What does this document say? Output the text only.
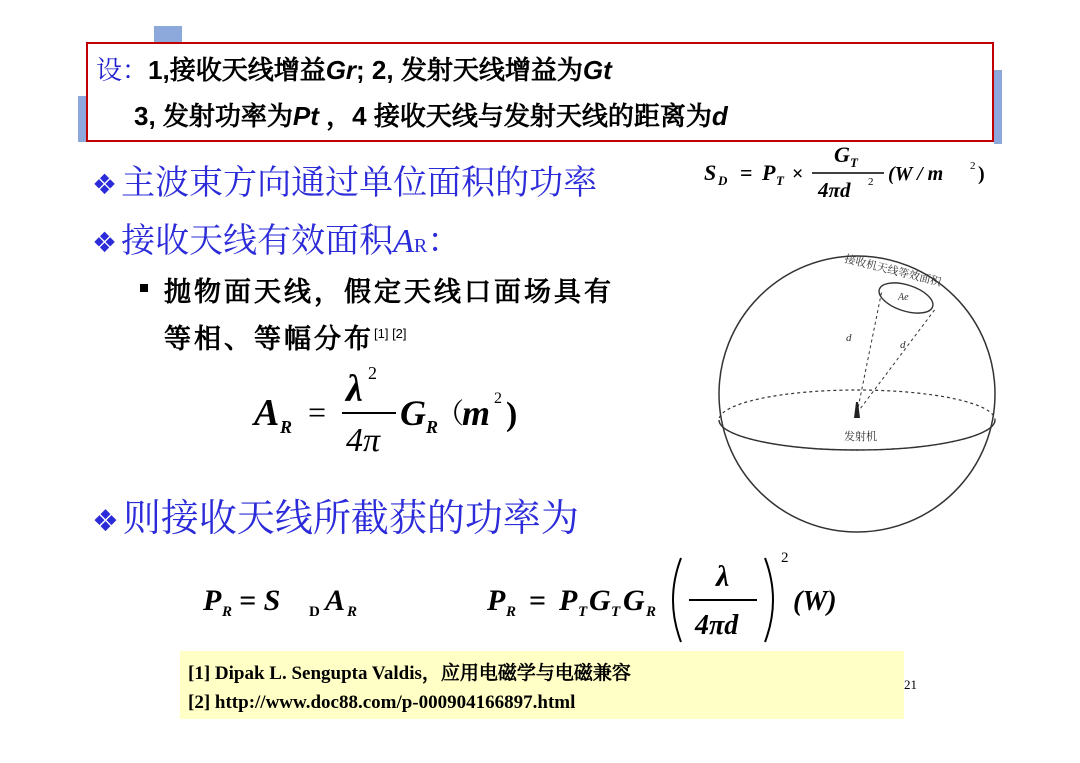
设：1,接收天线增益Gr; 2, 发射天线增益为Gt
3, 发射功率为Pt ，4 接收天线与发射天线的距离为d
❖ 主波束方向通过单位面积的功率	S D = P T ×
G T
4πd 2 (W / m 2 )
❖ 接收天线有效面积AR：
抛物面天线，假定天线口面场具有
等相、等幅分布[1] [2]
A R =
λ 2
4π
G R
（
m 2 )
❖ 则接收天线所截获的功率为
P R = S D A R	P R = P T G T G R
λ
4πd
2
(W)
接收机天线等效面积
Ae
d
d
发射机
[1] Dipak L. Sengupta Valdis，应用电磁学与电磁兼容
[2] http://www.doc88.com/p-000904166897.html
21
